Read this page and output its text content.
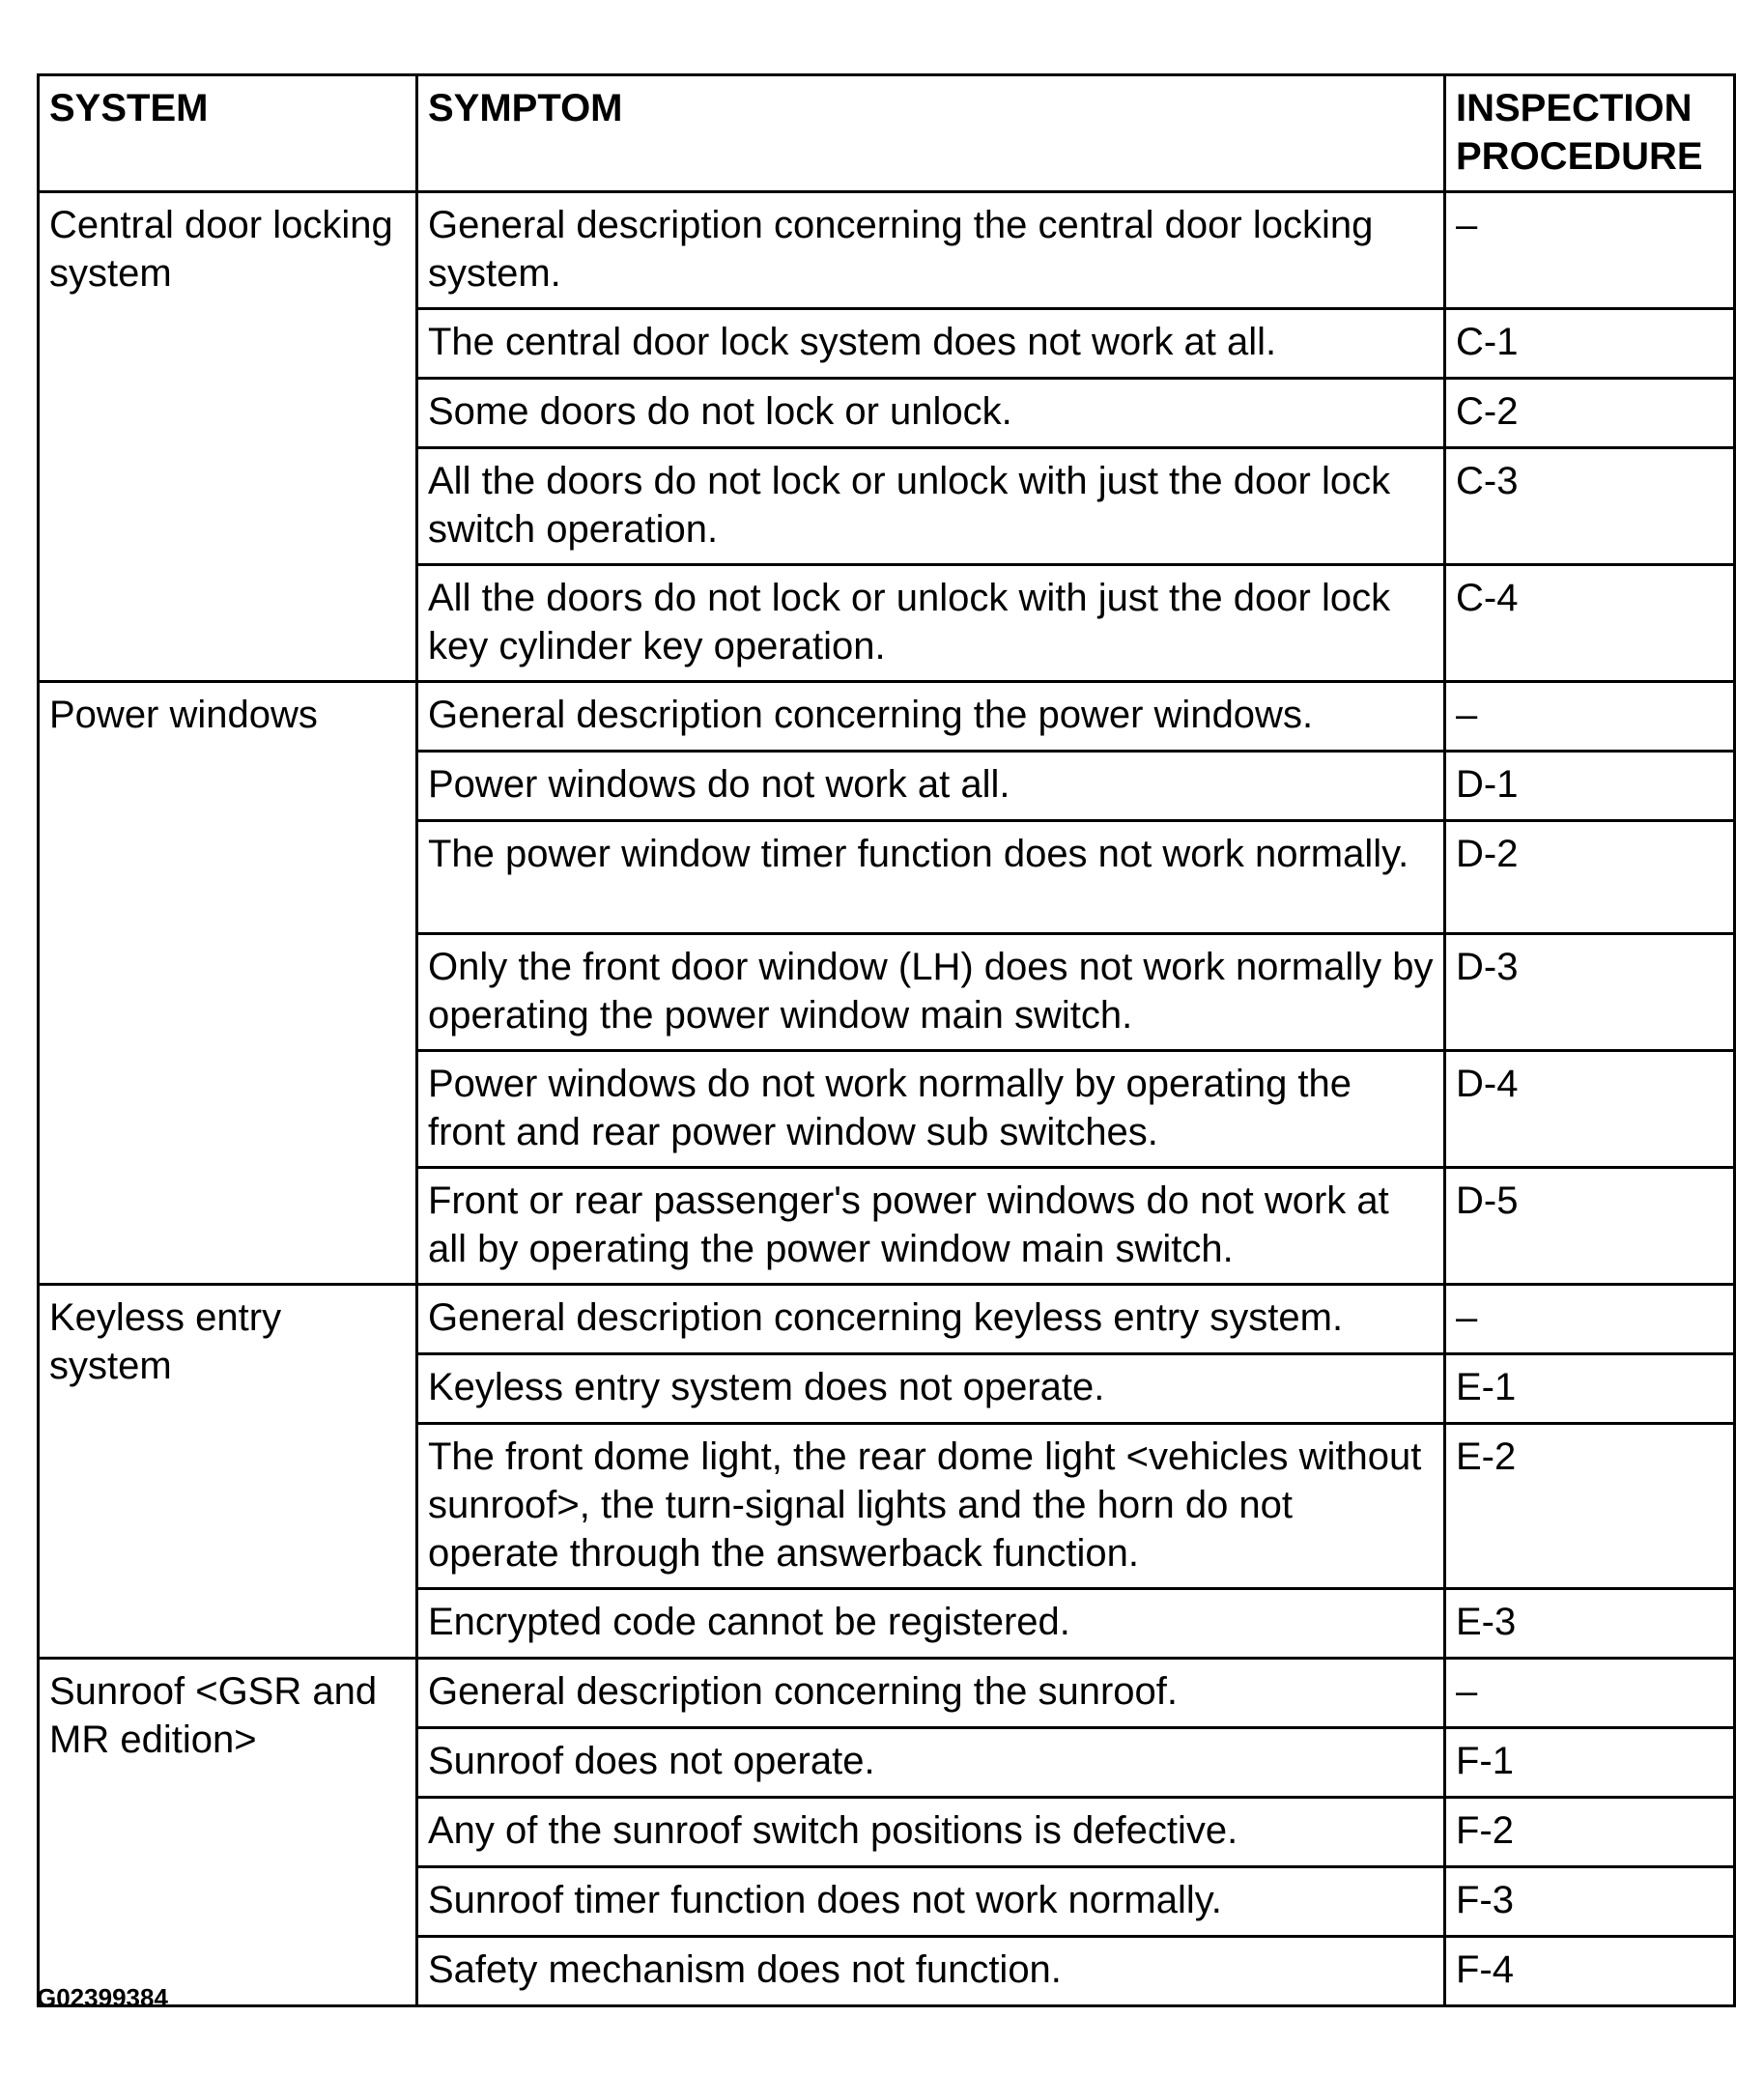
SYSTEM	SYMPTOM	INSPECTION PROCEDURE
Central door locking system	General description concerning the central door locking system.	–
	The central door lock system does not work at all.	C-1
	Some doors do not lock or unlock.	C-2
	All the doors do not lock or unlock with just the door lock switch operation.	C-3
	All the doors do not lock or unlock with just the door lock key cylinder key operation.	C-4
Power windows	General description concerning the power windows.	–
	Power windows do not work at all.	D-1
	The power window timer function does not work normally.	D-2
	Only the front door window (LH) does not work normally by operating the power window main switch.	D-3
	Power windows do not work normally by operating the front and rear power window sub switches.	D-4
	Front or rear passenger's power windows do not work at all by operating the power window main switch.	D-5
Keyless entry system	General description concerning keyless entry system.	–
	Keyless entry system does not operate.	E-1
	The front dome light, the rear dome light <vehicles without sunroof>, the turn-signal lights and the horn do not operate through the answerback function.	E-2
	Encrypted code cannot be registered.	E-3
Sunroof <GSR and MR edition>	General description concerning the sunroof.	–
	Sunroof does not operate.	F-1
	Any of the sunroof switch positions is defective.	F-2
	Sunroof timer function does not work normally.	F-3
	Safety mechanism does not function.	F-4
G02399384
